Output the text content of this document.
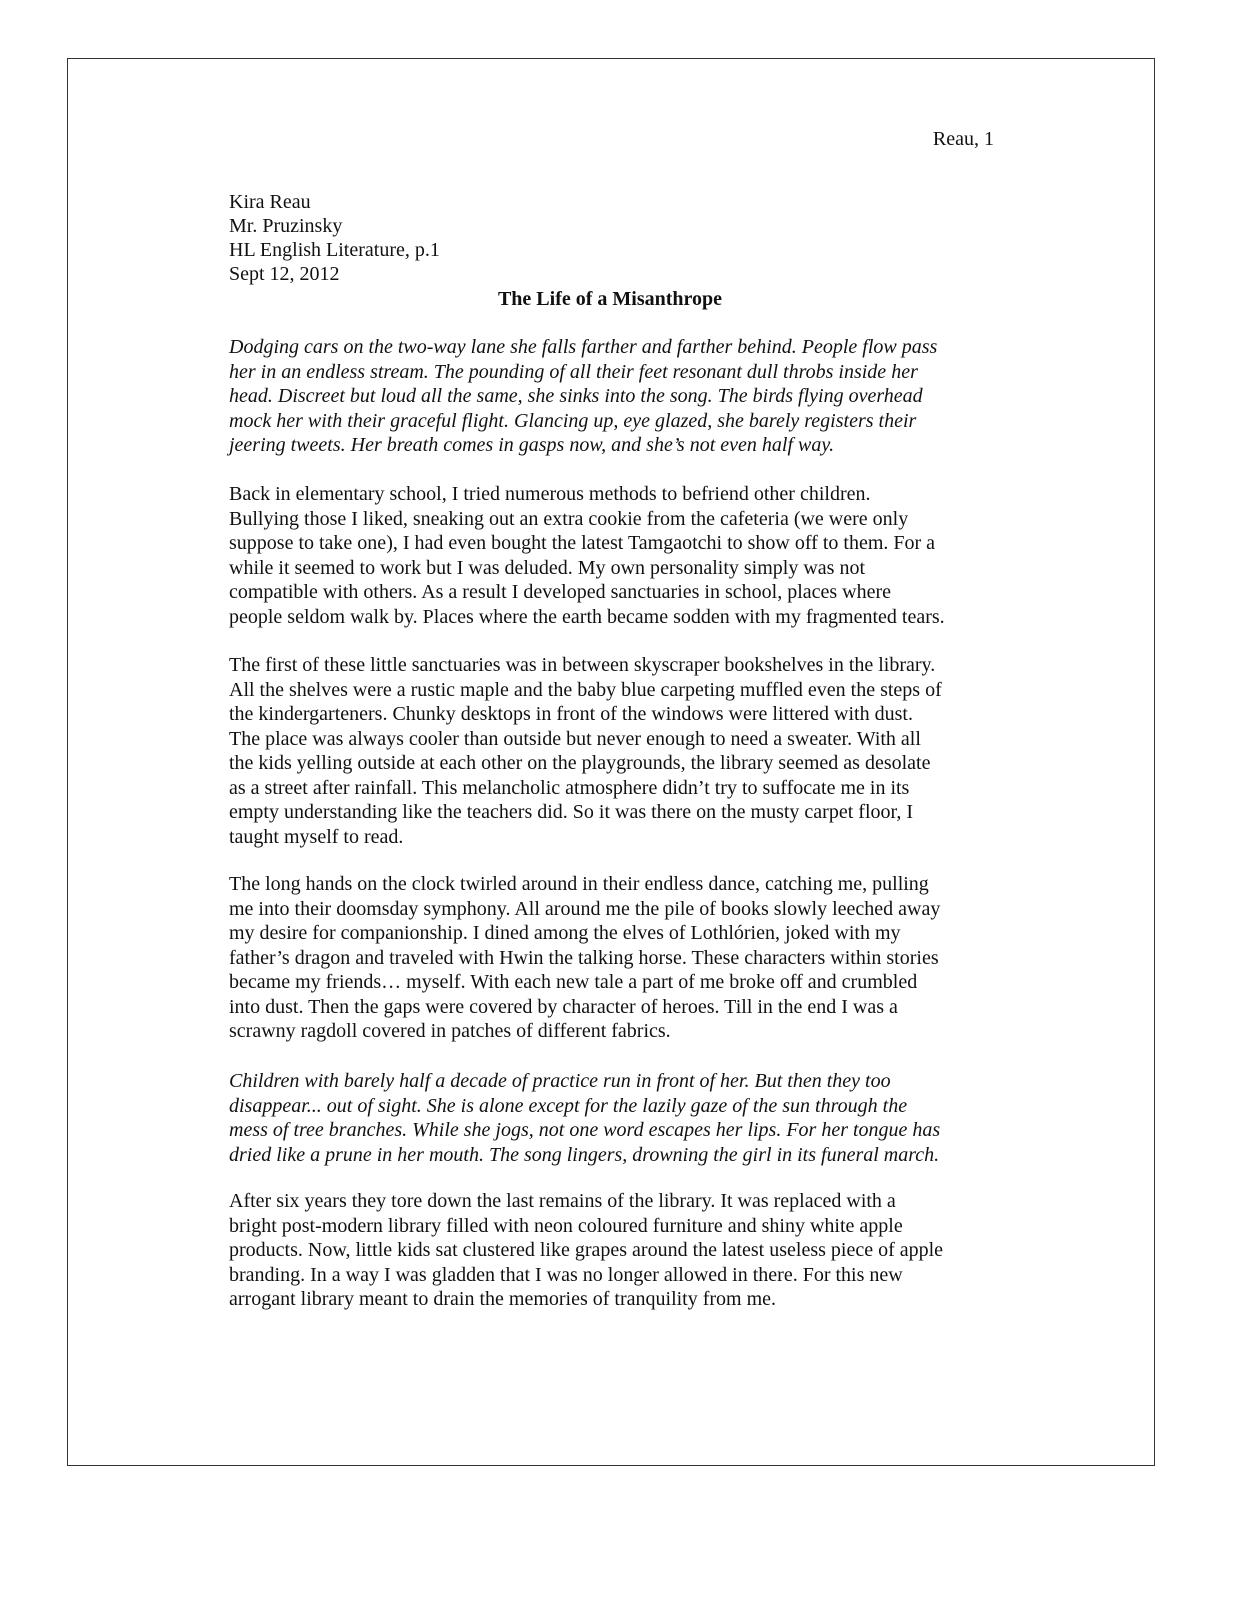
Reau, 1
Kira Reau
Mr. Pruzinsky
HL English Literature, p.1
Sept 12, 2012
The Life of a Misanthrope
Dodging cars on the two-way lane she falls farther and farther behind. People flow pass
her in an endless stream. The pounding of all their feet resonant dull throbs inside her
head. Discreet but loud all the same, she sinks into the song. The birds flying overhead
mock her with their graceful flight. Glancing up, eye glazed, she barely registers their
jeering tweets. Her breath comes in gasps now, and she’s not even half way.
Back in elementary school, I tried numerous methods to befriend other children.
Bullying those I liked, sneaking out an extra cookie from the cafeteria (we were only
suppose to take one), I had even bought the latest Tamgaotchi to show off to them. For a
while it seemed to work but I was deluded. My own personality simply was not
compatible with others. As a result I developed sanctuaries in school, places where
people seldom walk by. Places where the earth became sodden with my fragmented tears.
The first of these little sanctuaries was in between skyscraper bookshelves in the library.
All the shelves were a rustic maple and the baby blue carpeting muffled even the steps of
the kindergarteners. Chunky desktops in front of the windows were littered with dust.
The place was always cooler than outside but never enough to need a sweater. With all
the kids yelling outside at each other on the playgrounds, the library seemed as desolate
as a street after rainfall. This melancholic atmosphere didn’t try to suffocate me in its
empty understanding like the teachers did. So it was there on the musty carpet floor, I
taught myself to read.
The long hands on the clock twirled around in their endless dance, catching me, pulling
me into their doomsday symphony. All around me the pile of books slowly leeched away
my desire for companionship. I dined among the elves of Lothlórien, joked with my
father’s dragon and traveled with Hwin the talking horse. These characters within stories
became my friends… myself. With each new tale a part of me broke off and crumbled
into dust. Then the gaps were covered by character of heroes. Till in the end I was a
scrawny ragdoll covered in patches of different fabrics.
Children with barely half a decade of practice run in front of her. But then they too
disappear... out of sight. She is alone except for the lazily gaze of the sun through the
mess of tree branches. While she jogs, not one word escapes her lips. For her tongue has
dried like a prune in her mouth. The song lingers, drowning the girl in its funeral march.
After six years they tore down the last remains of the library. It was replaced with a
bright post-modern library filled with neon coloured furniture and shiny white apple
products. Now, little kids sat clustered like grapes around the latest useless piece of apple
branding. In a way I was gladden that I was no longer allowed in there. For this new
arrogant library meant to drain the memories of tranquility from me.
